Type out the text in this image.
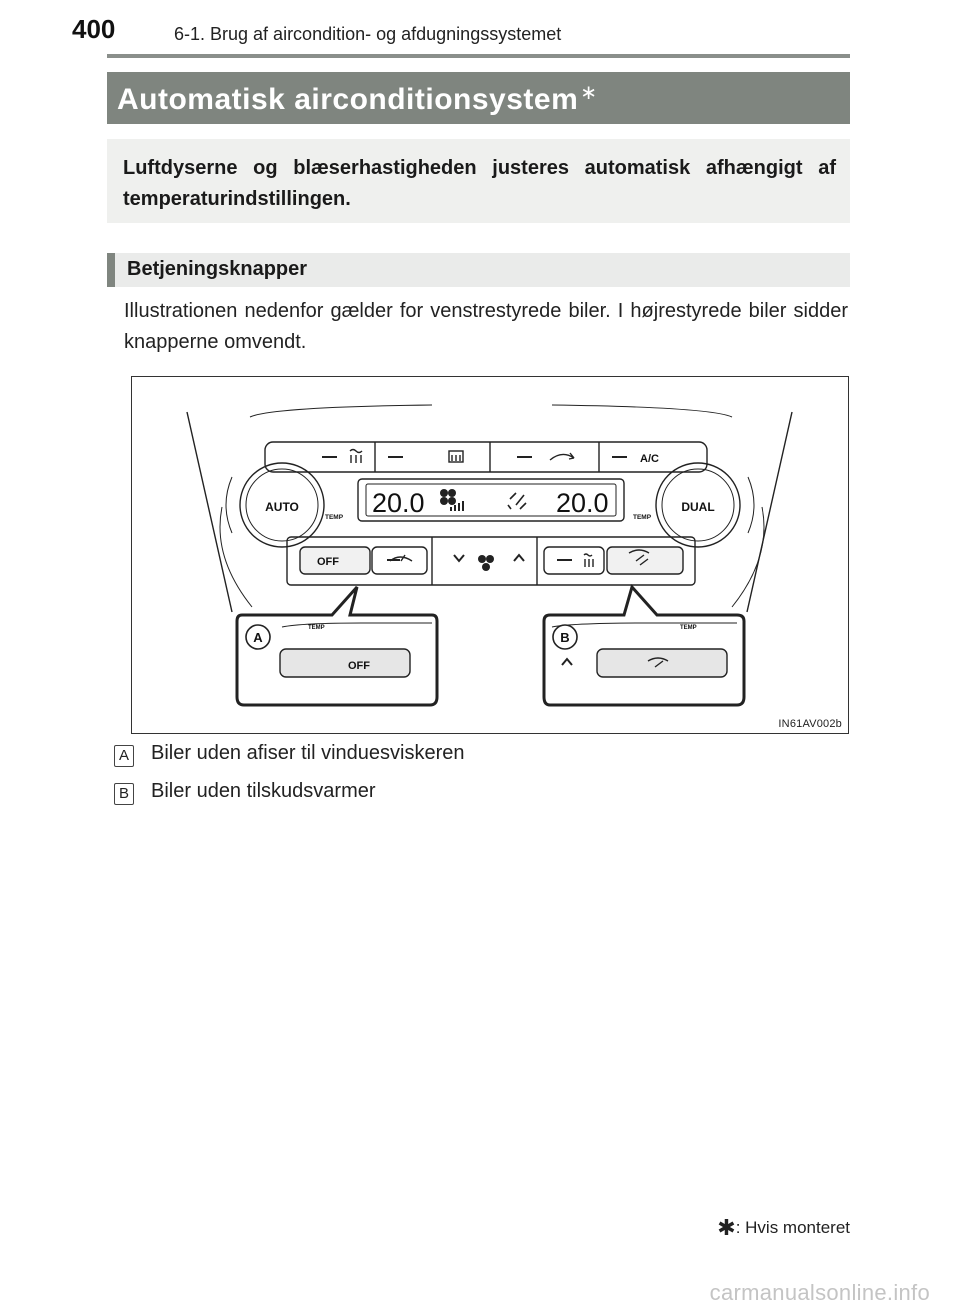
400	6-1. Brug af aircondition- og afdugningssystemet
Automatisk airconditionsystem ∗

Luftdyserne og blæserhastigheden justeres automatisk afhængigt af temperaturindstillingen.

Betjeningsknapper
Illustrationen nedenfor gælder for venstrestyrede biler. I højrestyrede biler sidder knapperne omvendt.
AUTO	DUAL
TEMP	TEMP
A/C
OFF
OFF
TEMP	TEMP
20.0	20.0
A	B
IN61AV002b
A Biler uden afiser til vinduesviskeren
B Biler uden tilskudsvarmer
✱: Hvis monteret
carmanualsonline.info
